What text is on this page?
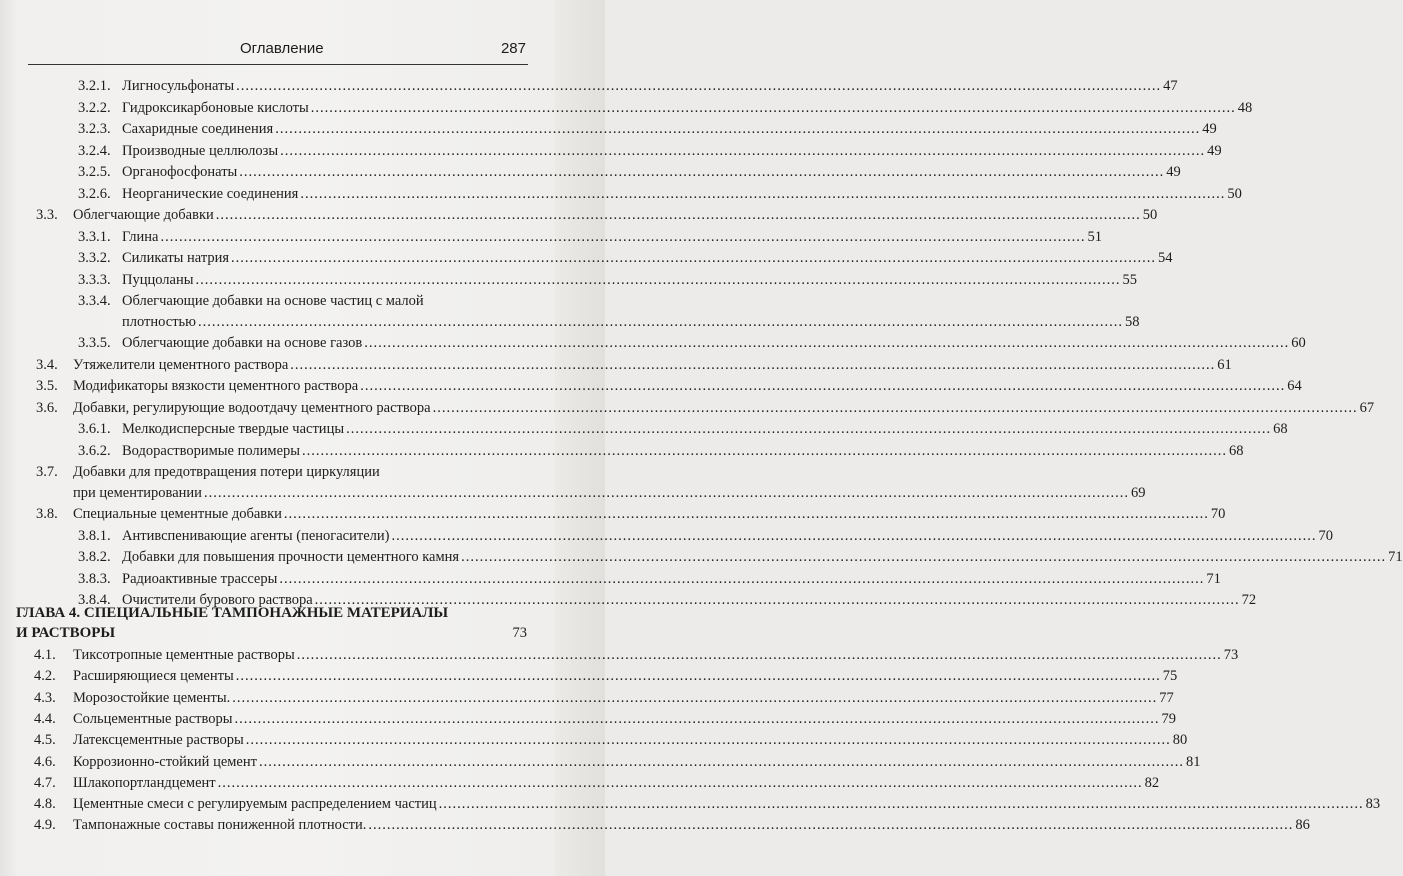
Оглавление	287
3.2.1. Лигносульфонаты ........................................................................................................................................................................................................ 47
3.2.2. Гидроксикарбоновые кислоты ........................................................................................................................................................................................................ 48
3.2.3. Сахаридные соединения ........................................................................................................................................................................................................ 49
3.2.4. Производные целлюлозы ........................................................................................................................................................................................................ 49
3.2.5. Органофосфонаты ........................................................................................................................................................................................................ 49
3.2.6. Неорганические соединения ........................................................................................................................................................................................................ 50
3.3. Облегчающие добавки ........................................................................................................................................................................................................ 50
3.3.1. Глина ........................................................................................................................................................................................................ 51
3.3.2. Силикаты натрия ........................................................................................................................................................................................................ 54
3.3.3. Пуццоланы ........................................................................................................................................................................................................ 55
3.3.4. Облегчающие добавки на основе частиц с малой
плотностью ........................................................................................................................................................................................................ 58
3.3.5. Облегчающие добавки на основе газов ........................................................................................................................................................................................................ 60
3.4. Утяжелители цементного раствора ........................................................................................................................................................................................................ 61
3.5. Модификаторы вязкости цементного раствора ........................................................................................................................................................................................................ 64
3.6. Добавки, регулирующие водоотдачу цементного раствора ........................................................................................................................................................................................................ 67
3.6.1. Мелкодисперсные твердые частицы ........................................................................................................................................................................................................ 68
3.6.2. Водорастворимые полимеры ........................................................................................................................................................................................................ 68
3.7. Добавки для предотвращения потери циркуляции
при цементировании ........................................................................................................................................................................................................ 69
3.8. Специальные цементные добавки ........................................................................................................................................................................................................ 70
3.8.1. Антивспенивающие агенты (пеногасители) ........................................................................................................................................................................................................ 70
3.8.2. Добавки для повышения прочности цементного камня ........................................................................................................................................................................................................ 71
3.8.3. Радиоактивные трассеры ........................................................................................................................................................................................................ 71
3.8.4. Очистители бурового раствора ........................................................................................................................................................................................................ 72
ГЛАВА 4. СПЕЦИАЛЬНЫЕ ТАМПОНАЖНЫЕ МАТЕРИАЛЫ
И РАСТВОРЫ	73
4.1. Тиксотропные цементные растворы ........................................................................................................................................................................................................ 73
4.2. Расширяющиеся цементы ........................................................................................................................................................................................................ 75
4.3. Морозостойкие цементы. ........................................................................................................................................................................................................ 77
4.4. Сольцементные растворы ........................................................................................................................................................................................................ 79
4.5. Латексцементные растворы ........................................................................................................................................................................................................ 80
4.6. Коррозионно-стойкий цемент ........................................................................................................................................................................................................ 81
4.7. Шлакопортландцемент ........................................................................................................................................................................................................ 82
4.8. Цементные смеси с регулируемым распределением частиц ........................................................................................................................................................................................................ 83
4.9. Тампонажные составы пониженной плотности. ........................................................................................................................................................................................................ 86
